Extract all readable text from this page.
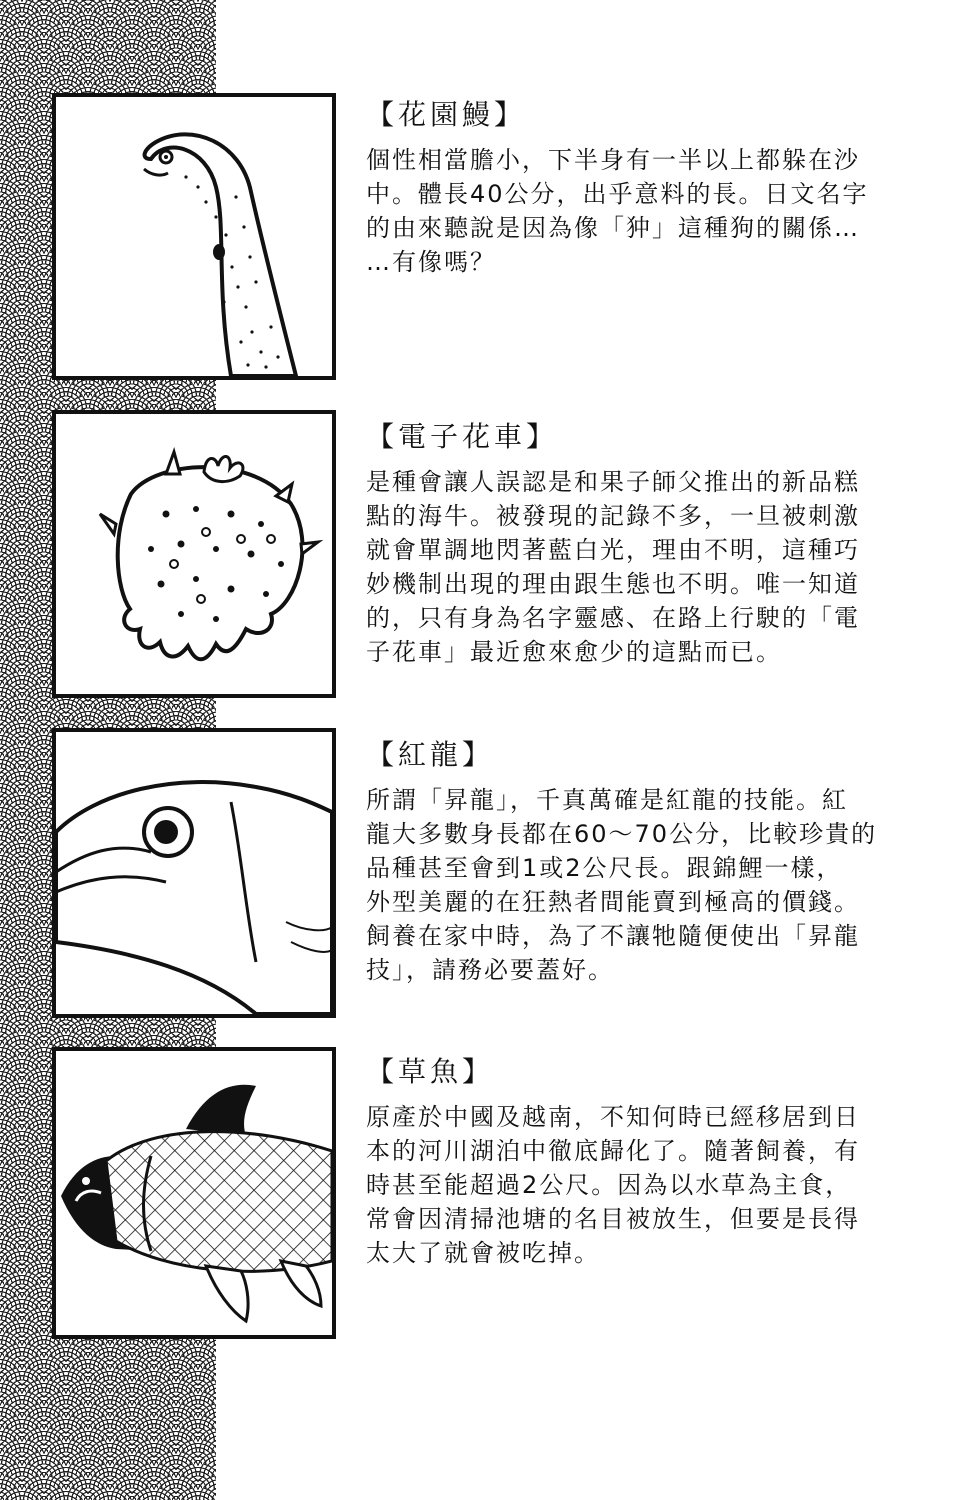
【花園鰻】

個性相當膽小，下半身有一半以上都躲在沙
中。體長40公分，出乎意料的長。日文名字
的由來聽說是因為像「狆」這種狗的關係…
…有像嗎？

【電子花車】

是種會讓人誤認是和果子師父推出的新品糕
點的海牛。被發現的記錄不多，一旦被刺激
就會單調地閃著藍白光，理由不明，這種巧
妙機制出現的理由跟生態也不明。唯一知道
的，只有身為名字靈感、在路上行駛的「電
子花車」最近愈來愈少的這點而已。

【紅龍】

所謂「昇龍」，千真萬確是紅龍的技能。紅
龍大多數身長都在60～70公分，比較珍貴的
品種甚至會到1或2公尺長。跟錦鯉一樣，
外型美麗的在狂熱者間能賣到極高的價錢。
飼養在家中時，為了不讓牠隨便使出「昇龍
技」，請務必要蓋好。

【草魚】

原產於中國及越南，不知何時已經移居到日
本的河川湖泊中徹底歸化了。隨著飼養，有
時甚至能超過2公尺。因為以水草為主食，
常會因清掃池塘的名目被放生，但要是長得
太大了就會被吃掉。
